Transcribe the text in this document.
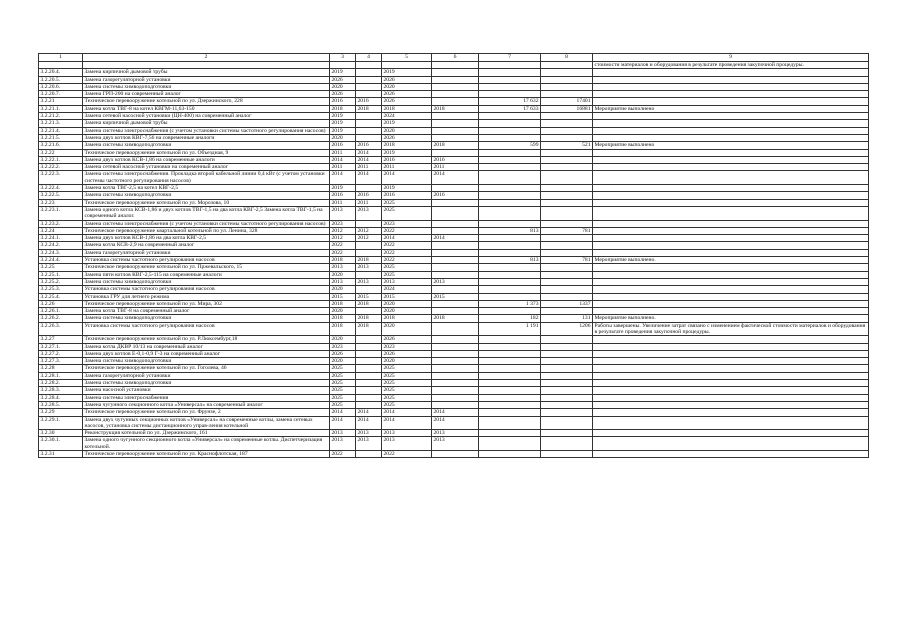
1	2	3	4	5	6	7	8	9
								стоимости материалов и оборудования в результате проведения закупочной процедуры.
3.2.20.4.	Замена кирпичной дымовой трубы	2019		2019				
3.2.20.5.	Замена газорегуляторной установки	2026		2026				
3.2.20.6.	Замена системы химводоподготовки	2020		2020				
3.2.20.7.	Замена ГРП-200 на современный аналог	2026		2026				
3.2.21	Техническое перевооружение котельной по ул. Дзержинского, 228	2016	2016	2026		17 632	17401	
3.2.21.1.	Замена котла ТВГ-8 на котел КВГМ-11,63-150	2018	2018	2018	2018	17 633	16881	Мероприятие выполнено
3.2.21.2.	Замена сетевой насосной установки (ЦН-400) на современный аналог	2019		2024				
3.2.21.3.	Замена кирпичной дымовой трубы	2019		2019				
3.2.21.4.	Замена системы электроснабжения (с учетом установки системы частотного регулирования насосов)	2019		2020				
3.2.21.5.	Замена двух котлов КВГ-7,56 на современные аналоги	2020		2026				
3.2.21.6.	Замена системы химводоподготовки	2016	2016	2018	2018	599	521	Мероприятие выполнено
3.2.22	Техническое перевооружение котельной по ул. Объездная, 9	2011	2014	2019				
3.2.22.1.	Замена двух котлов КСВ-1,86 на современные аналоги	2014	2014	2016	2016			
3.2.22.2.	Замена сетевой насосной установки на современный аналог	2011	2011	2011	2011			
3.2.22.3.	Замена системы электроснабжения. Прокладка второй кабельной линии 0,4 кВт (с учетом установки системы частотного регулирования насосов)	2014	2014	2014	2014			
3.2.22.4.	Замена котла ТВГ-2,5 на котел КВГ-2,5	2019		2019				
3.2.22.5.	Замена системы химводоподготовки	2016	2016	2016	2016			
3.2.23	Техническое перевооружение котельной по ул. Морозова, 10	2011	2011	2025				
3.2.23.1.	Замена одного котла КСВ-1,86 и двух котлов ТВГ-1,5 на два котла КВГ-2,5 Замена котла ТВГ-1,5 на современный аналог.	2013	2013	2025				
3.2.23.2.	Замена системы электроснабжения (с учетом установки системы частотного регулирования насосов)	2023		2023				
3.2.24	Техническое перевооружение квартальной котельной по ул. Ленина, 328	2012	2012	2022		813	781	
3.2.24.1.	Замена двух котлов КСВ-1,86 на два котла КВГ-2,5	2012	2012	2014	2014			
3.2.24.2.	Замена котла КСВ-2,9 на современный аналог	2022		2022				
3.2.24.3.	Замена газорегуляторной установки	2022		2022				
3.2.24.4.	Установка системы частотного регулирования насосов	2018	2018	2022		813	781	Мероприятие выполнено.
3.2.25	Техническое перевооружение котельной по ул. Пржевальского, 15	2013	2013	2025				
3.2.25.1.	Замена пяти котлов КВГ-2,5-115 на современные аналоги	2020		2025				
3.2.25.2.	Замена системы химводоподготовки	2013	2013	2013	2013			
3.2.25.3.	Установка системы частотного регулирования насосов	2020		2024				
3.2.25.4.	Установка ГРУ для летнего режима	2015	2015	2015	2015			
3.2.26	Техническое перевооружение котельной по ул. Мира, 302	2018	2018	2020		1 373	1337	
3.2.26.1.	Замена котла ТВГ-8 на современный аналог	2020		2020				
3.2.26.2.	Замена системы химводоподготовки	2018	2018	2018	2018	182	131	Мероприятие выполнено.
3.2.26.3.	Установка системы частотного регулирования насосов	2018	2018	2020		1 191	1206	Работы завершены. Увеличение затрат связано с изменением фактической стоимости материалов и оборудования в результате проведения закупочной процедуры.
3.2.27	Техническое перевооружение котельной по ул. Р.Люксембург,18	2020		2026				
3.2.27.1.	Замена котла ДКВР 10/13 на современный аналог	2023		2023				
3.2.27.2.	Замена двух котлов Е-0,1-0,9 Г-3 на современный аналог	2026		2026				
3.2.27.3.	Замена системы химводоподготовки	2020		2020				
3.2.28	Техническое перевооружение котельной по ул. Гоголева, 46	2025		2025				
3.2.28.1.	Замена газорегуляторной установки	2025		2025				
3.2.28.2.	Замена системы химводоподготовки	2025		2025				
3.2.28.3.	Замена насосной установки	2025		2025				
3.2.28.4.	Замена системы электроснабжения	2025		2025				
3.2.28.5.	Замена чугунного секционного котла «Универсал» на современный аналог	2025		2025				
3.2.29	Техническое перевооружение котельной по ул. Фрунзе, 2	2014	2014	2014	2014			
3.2.29.1.	Замена двух чугунных секционных котлов «Универсал» на современные котлы, замена сетевых насосов, установка системы дистанционного управ-ления котельной	2014	2014	2014	2014			
3.2.30	Реконструкция котельной по ул. Дзержинского, 161	2013	2013	2013	2013			
3.2.30.1.	Замена одного чугунного секционного котла «Универсал» на современные котлы. Диспетчеризация котельной.	2013	2013	2013	2013			
3.2.31	Техническое перевооружение котельной по ул. Краснофлотская, 187	2022		2022				
